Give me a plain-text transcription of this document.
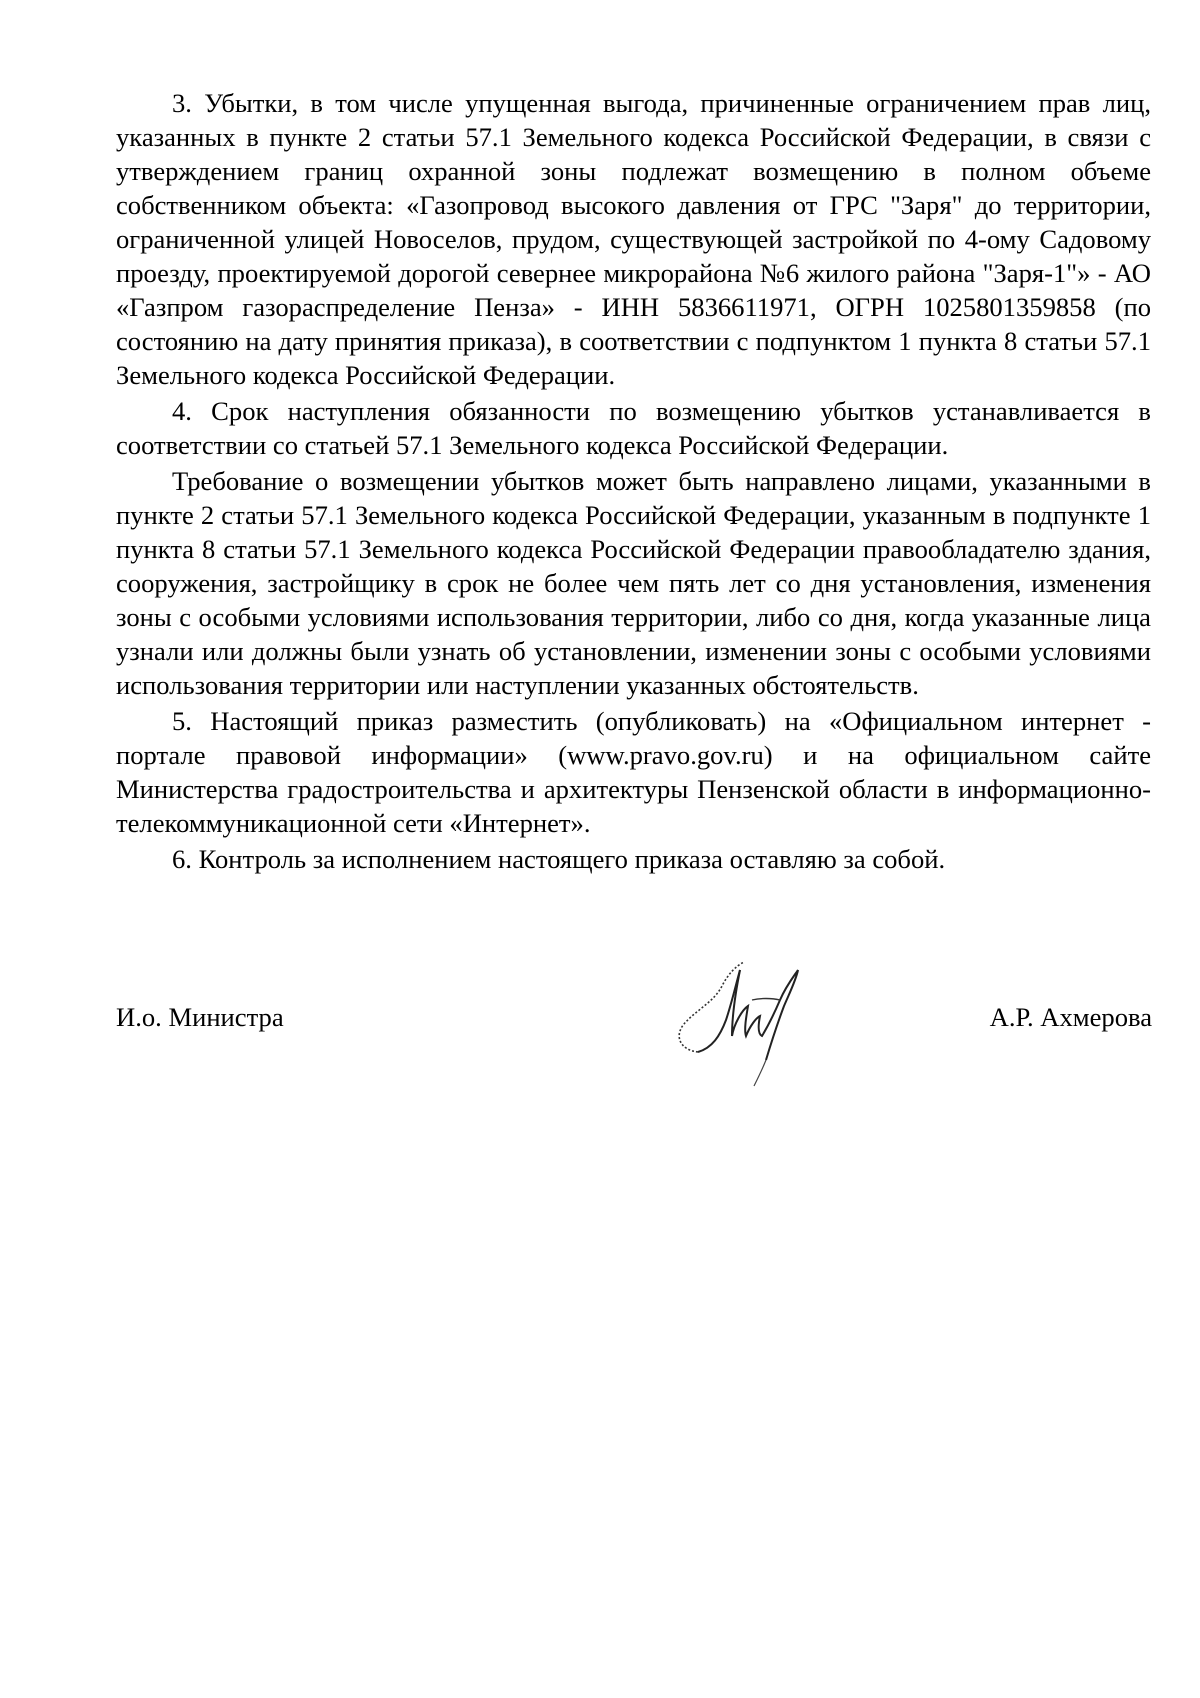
3. Убытки, в том числе упущенная выгода, причиненные ограничением прав лиц, указанных в пункте 2 статьи 57.1 Земельного кодекса Российской Федерации, в связи с утверждением границ охранной зоны подлежат возмещению в полном объеме собственником объекта: «Газопровод высокого давления от ГРС "Заря" до территории, ограниченной улицей Новоселов, прудом, существующей застройкой по 4-ому Садовому проезду, проектируемой дорогой севернее микрорайона №6 жилого района "Заря-1"» - АО «Газпром газораспределение Пенза» - ИНН 5836611971, ОГРН 1025801359858 (по состоянию на дату принятия приказа), в соответствии с подпунктом 1 пункта 8 статьи 57.1 Земельного кодекса Российской Федерации.

4. Срок наступления обязанности по возмещению убытков устанавливается в соответствии со статьей 57.1 Земельного кодекса Российской Федерации.

Требование о возмещении убытков может быть направлено лицами, указанными в пункте 2 статьи 57.1 Земельного кодекса Российской Федерации, указанным в подпункте 1 пункта 8 статьи 57.1 Земельного кодекса Российской Федерации правообладателю здания, сооружения, застройщику в срок не более чем пять лет со дня установления, изменения зоны с особыми условиями использования территории, либо со дня, когда указанные лица узнали или должны были узнать об установлении, изменении зоны с особыми условиями использования территории или наступлении указанных обстоятельств.

5. Настоящий приказ разместить (опубликовать) на «Официальном интернет - портале правовой информации» (www.pravo.gov.ru) и на официальном сайте Министерства градостроительства и архитектуры Пензенской области в информационно-телекоммуникационной сети «Интернет».

6. Контроль за исполнением настоящего приказа оставляю за собой.

И.о. Министра	А.Р. Ахмерова
